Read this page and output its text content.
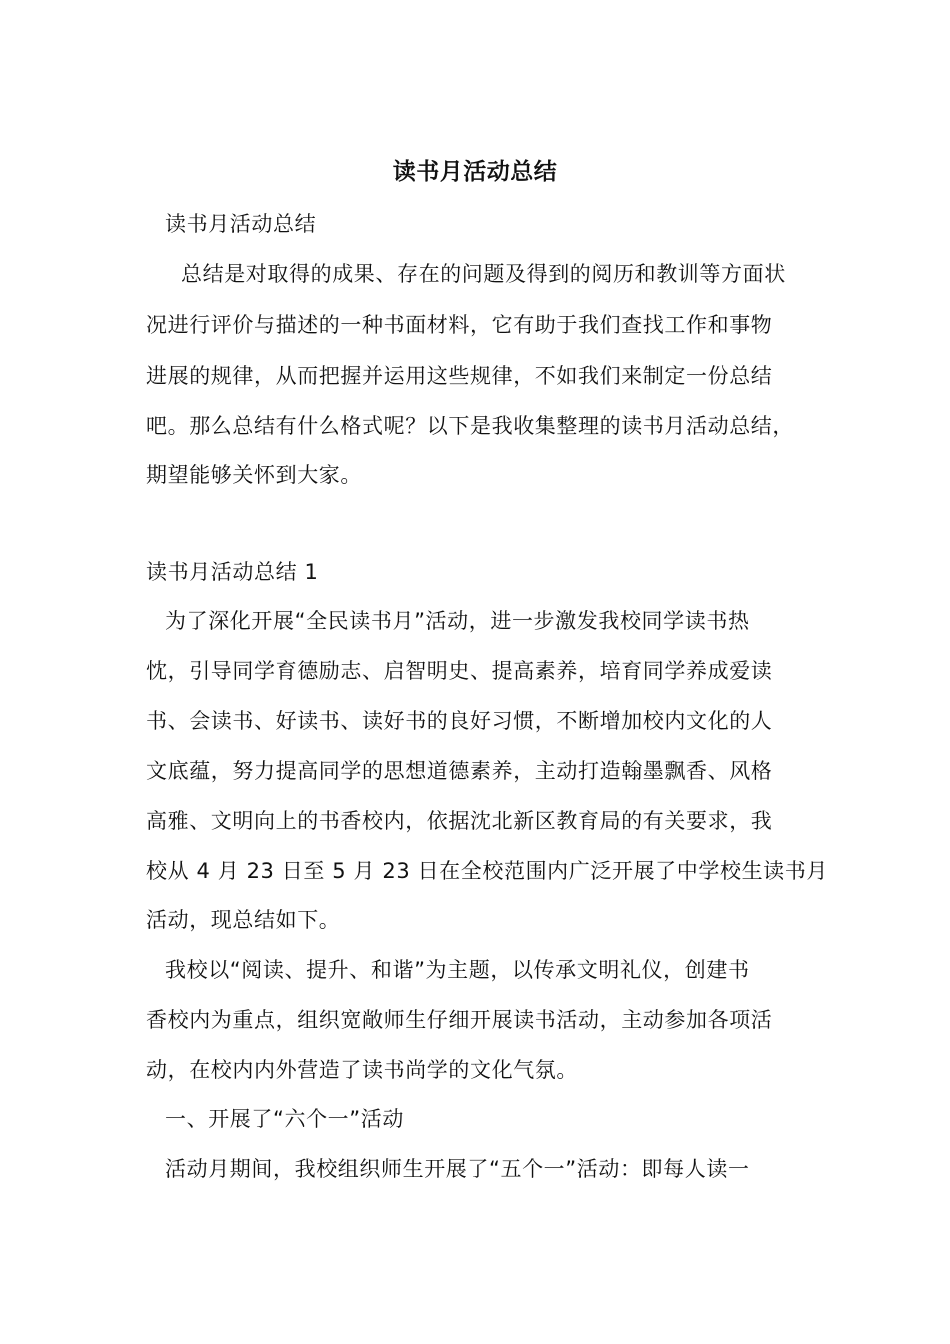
读书月活动总结
读书月活动总结
总结是对取得的成果、存在的问题及得到的阅历和教训等方面状
况进行评价与描述的一种书面材料，它有助于我们查找工作和事物
进展的规律，从而把握并运用这些规律，不如我们来制定一份总结
吧。那么总结有什么格式呢？以下是我收集整理的读书月活动总结，
期望能够关怀到大家。
读书月活动总结 1
为了深化开展“全民读书月”活动，进一步激发我校同学读书热
忱，引导同学育德励志、启智明史、提高素养，培育同学养成爱读
书、会读书、好读书、读好书的良好习惯，不断增加校内文化的人
文底蕴，努力提高同学的思想道德素养，主动打造翰墨飘香、风格
高雅、文明向上的书香校内，依据沈北新区教育局的有关要求，我
校从 4 月 23 日至 5 月 23 日在全校范围内广泛开展了中学校生读书月
活动，现总结如下。
我校以“阅读、提升、和谐”为主题，以传承文明礼仪，创建书
香校内为重点，组织宽敞师生仔细开展读书活动，主动参加各项活
动，在校内内外营造了读书尚学的文化气氛。
一、开展了“六个一”活动
活动月期间，我校组织师生开展了“五个一”活动：即每人读一
